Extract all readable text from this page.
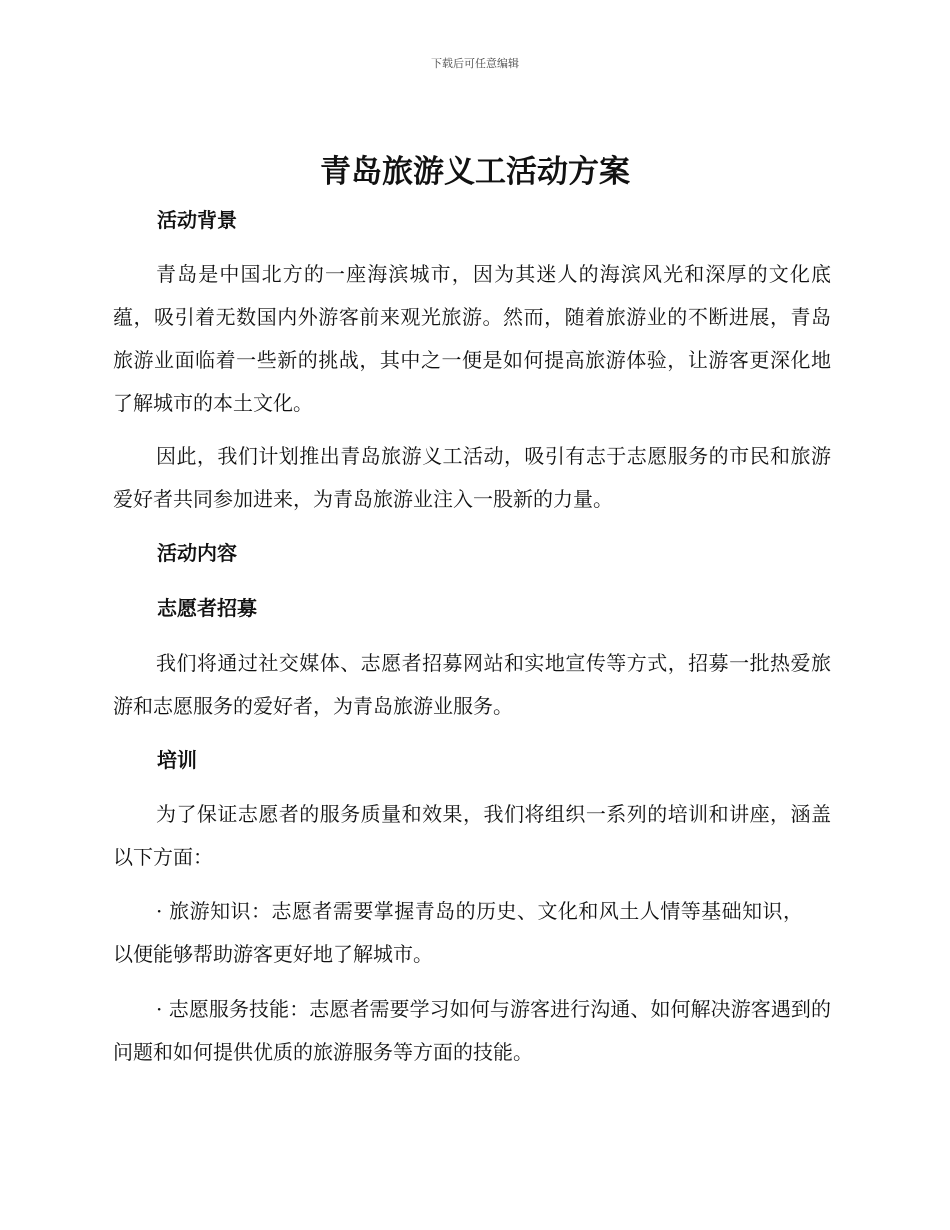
下载后可任意编辑
青岛旅游义工活动方案
活动背景

青岛是中国北方的一座海滨城市，因为其迷人的海滨风光和深厚的文化底蕴，吸引着无数国内外游客前来观光旅游。然而，随着旅游业的不断进展，青岛旅游业面临着一些新的挑战，其中之一便是如何提高旅游体验，让游客更深化地了解城市的本土文化。

因此，我们计划推出青岛旅游义工活动，吸引有志于志愿服务的市民和旅游爱好者共同参加进来，为青岛旅游业注入一股新的力量。

活动内容
志愿者招募

我们将通过社交媒体、志愿者招募网站和实地宣传等方式，招募一批热爱旅游和志愿服务的爱好者，为青岛旅游业服务。

培训

为了保证志愿者的服务质量和效果，我们将组织一系列的培训和讲座，涵盖以下方面：

· 旅游知识：志愿者需要掌握青岛的历史、文化和风土人情等基础知识，以便能够帮助游客更好地了解城市。

· 志愿服务技能：志愿者需要学习如何与游客进行沟通、如何解决游客遇到的问题和如何提供优质的旅游服务等方面的技能。
